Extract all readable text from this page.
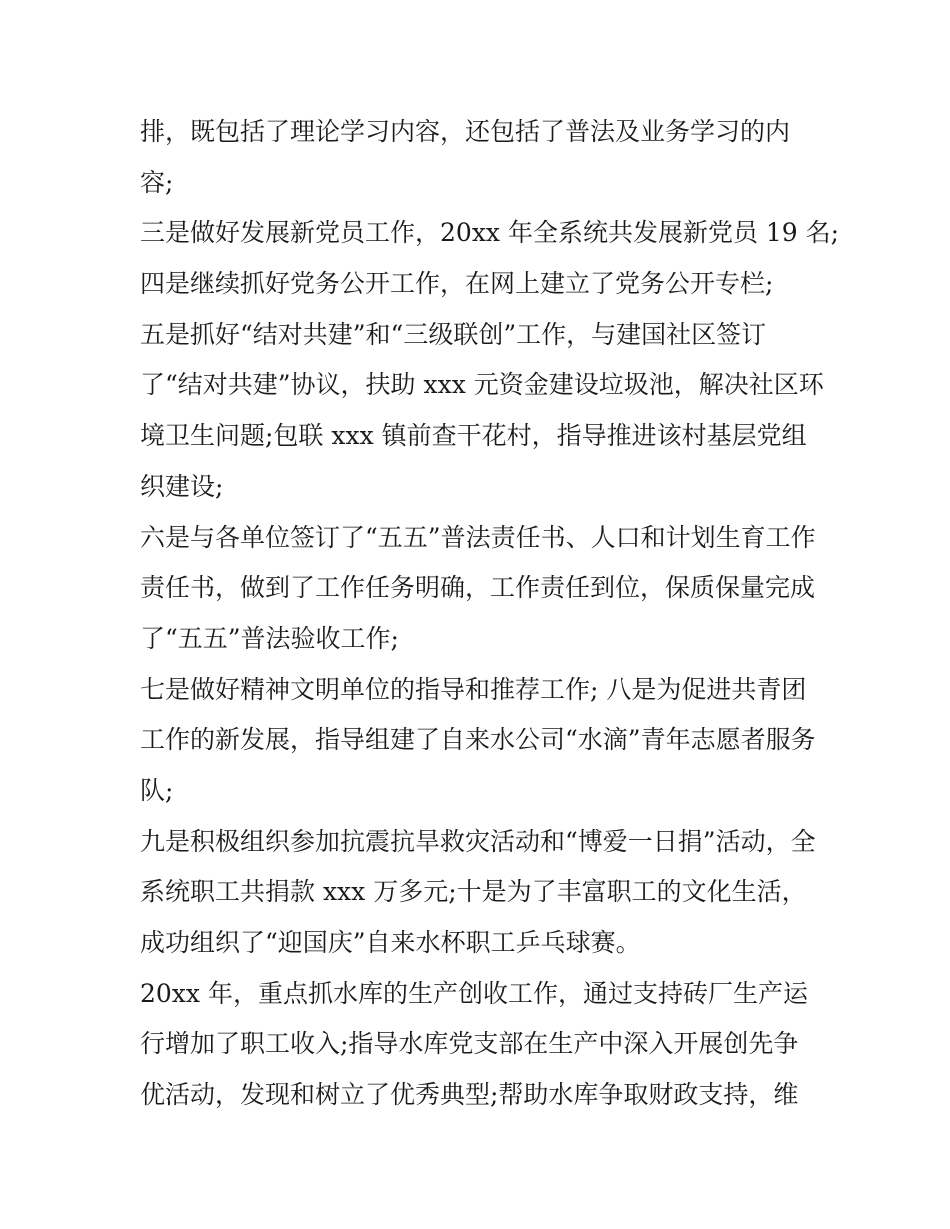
排，既包括了理论学习内容，还包括了普法及业务学习的内
容;
三是做好发展新党员工作，20xx 年全系统共发展新党员 19 名;
四是继续抓好党务公开工作，在网上建立了党务公开专栏;
五是抓好“结对共建”和“三级联创”工作，与建国社区签订
了“结对共建”协议，扶助 xxx 元资金建设垃圾池，解决社区环
境卫生问题;包联 xxx 镇前查干花村，指导推进该村基层党组
织建设;
六是与各单位签订了“五五”普法责任书、人口和计划生育工作
责任书，做到了工作任务明确，工作责任到位，保质保量完成
了“五五”普法验收工作;
七是做好精神文明单位的指导和推荐工作; 八是为促进共青团
工作的新发展，指导组建了自来水公司“水滴”青年志愿者服务
队;
九是积极组织参加抗震抗旱救灾活动和“博爱一日捐”活动，全
系统职工共捐款 xxx 万多元;十是为了丰富职工的文化生活，
成功组织了“迎国庆”自来水杯职工乒乓球赛。
20xx 年，重点抓水库的生产创收工作，通过支持砖厂生产运
行增加了职工收入;指导水库党支部在生产中深入开展创先争
优活动，发现和树立了优秀典型;帮助水库争取财政支持，维
